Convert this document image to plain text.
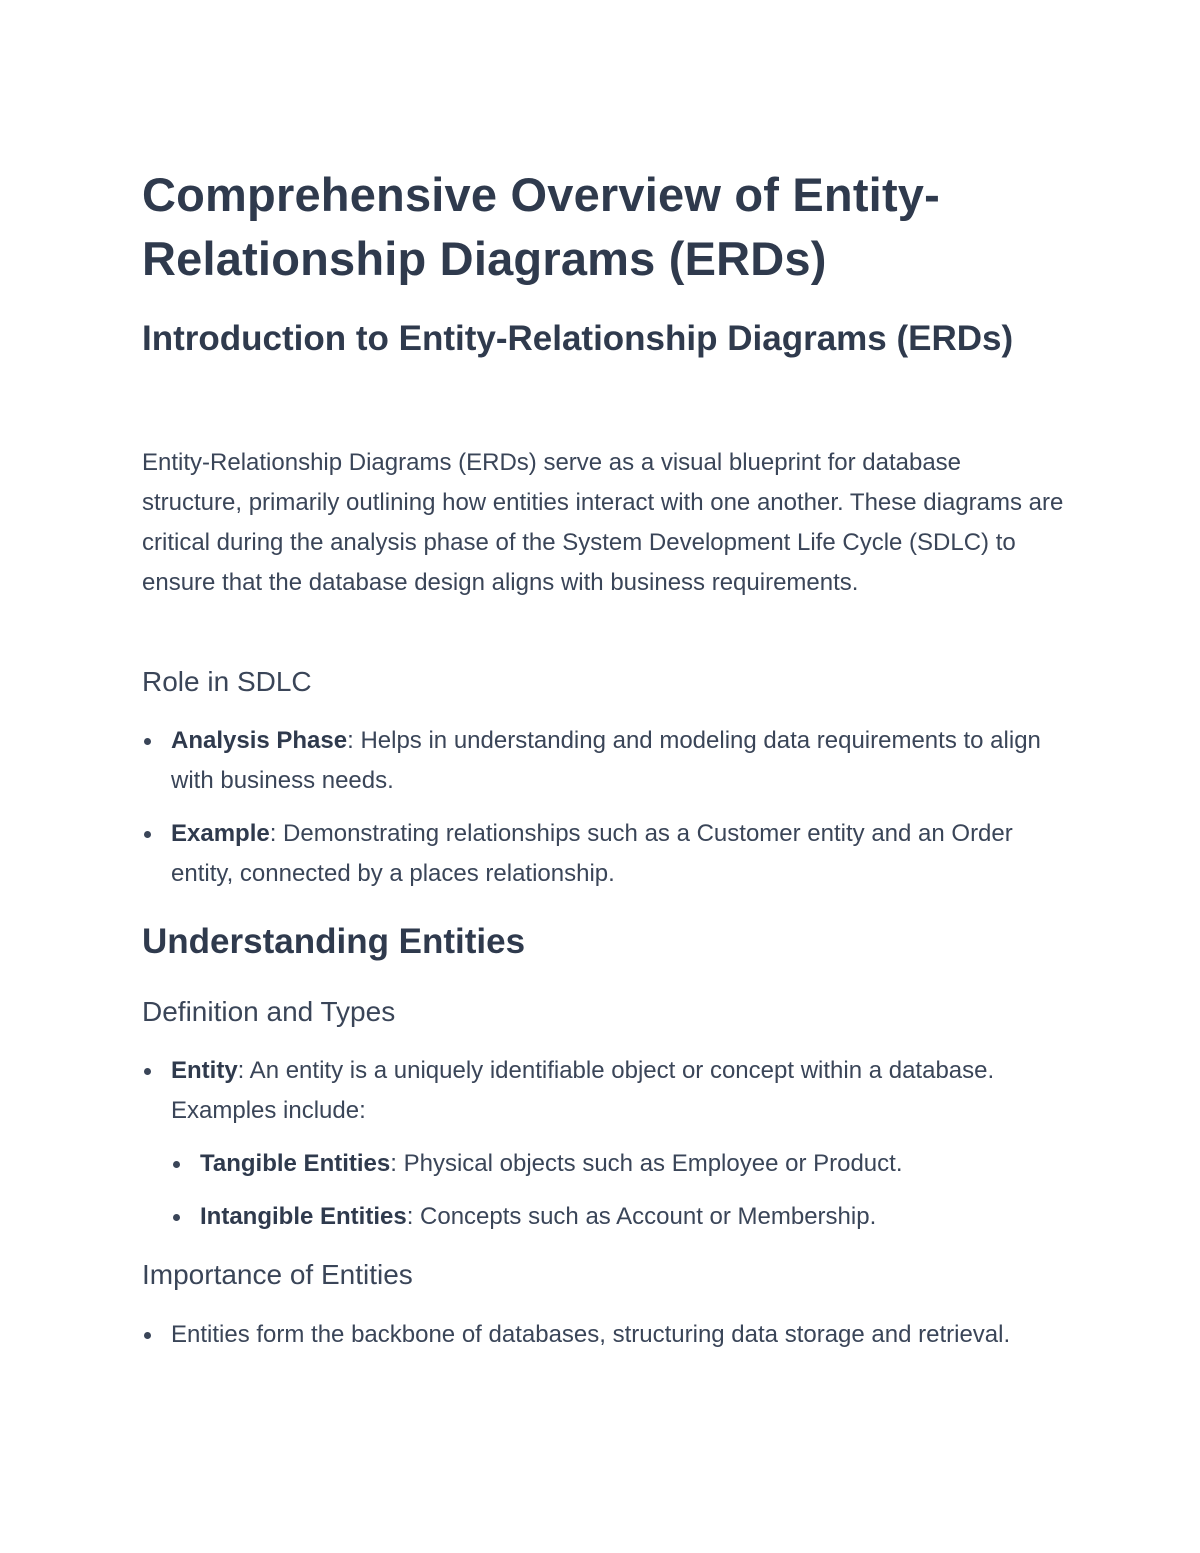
Comprehensive Overview of Entity-Relationship Diagrams (ERDs)
Introduction to Entity-Relationship Diagrams (ERDs)

Entity-Relationship Diagrams (ERDs) serve as a visual blueprint for database structure, primarily outlining how entities interact with one another. These diagrams are critical during the analysis phase of the System Development Life Cycle (SDLC) to ensure that the database design aligns with business requirements.

Role in SDLC
Analysis Phase: Helps in understanding and modeling data requirements to align with business needs.
Example: Demonstrating relationships such as a Customer entity and an Order entity, connected by a places relationship.
Understanding Entities
Definition and Types
Entity: An entity is a uniquely identifiable object or concept within a database. Examples include:
Tangible Entities: Physical objects such as Employee or Product.
Intangible Entities: Concepts such as Account or Membership.
Importance of Entities
Entities form the backbone of databases, structuring data storage and retrieval.
